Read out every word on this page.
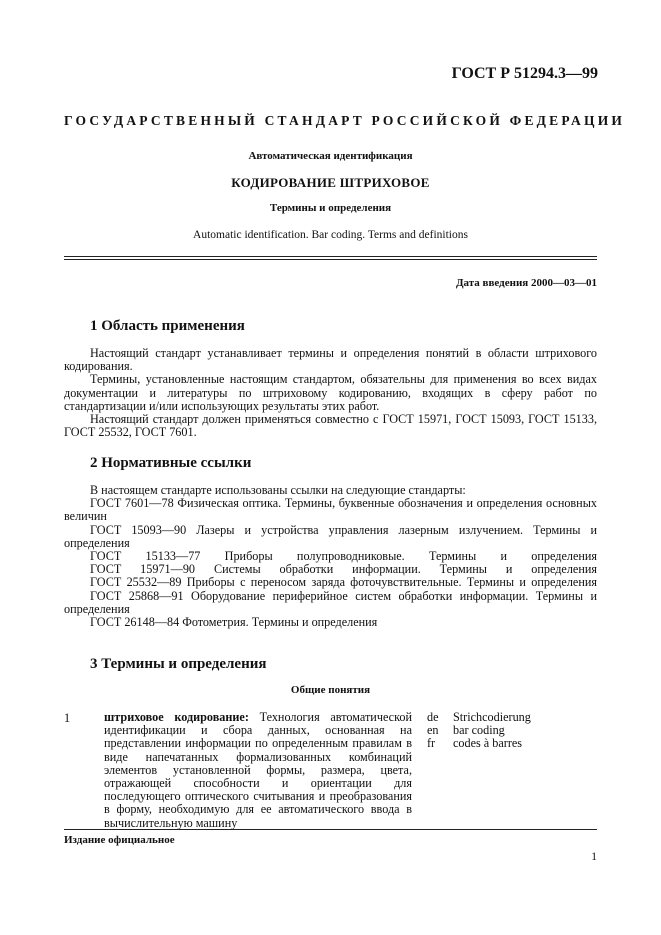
ГОСТ Р 51294.3—99
ГОСУДАРСТВЕННЫЙ СТАНДАРТ РОССИЙСКОЙ ФЕДЕРАЦИИ
Автоматическая идентификация
КОДИРОВАНИЕ ШТРИХОВОЕ
Термины и определения
Automatic identification. Bar coding. Terms and definitions
Дата введения 2000—03—01
1 Область применения

Настоящий стандарт устанавливает термины и определения понятий в области штрихового кодирования.

Термины, установленные настоящим стандартом, обязательны для применения во всех видах документации и литературы по штриховому кодированию, входящих в сферу работ по стандартизации и/или использующих результаты этих работ.

Настоящий стандарт должен применяться совместно с ГОСТ 15971, ГОСТ 15093, ГОСТ 15133, ГОСТ 25532, ГОСТ 7601.

2 Нормативные ссылки

В настоящем стандарте использованы ссылки на следующие стандарты:

ГОСТ 7601—78 Физическая оптика. Термины, буквенные обозначения и определения основных величин

ГОСТ 15093—90 Лазеры и устройства управления лазерным излучением. Термины и определения

ГОСТ 15133—77 Приборы полупроводниковые. Термины и определения

ГОСТ 15971—90 Системы обработки информации. Термины и определения

ГОСТ 25532—89 Приборы с переносом заряда фоточувствительные. Термины и определения

ГОСТ 25868—91 Оборудование периферийное систем обработки информации. Термины и определения

ГОСТ 26148—84 Фотометрия. Термины и определения

3 Термины и определения
Общие понятия
1	штриховое кодирование: Технология автоматической идентификации и сбора данных, основанная на представлении информации по определенным правилам в виде напечатанных формализованных комбинаций элементов установленной формы, размера, цвета, отражающей способности и ориентации для последующего оптического считывания и преобразования в форму, необходимую для ее автоматического ввода в вычислительную машину
de
en
fr
Strichcodierung
bar coding
codes à barres
Издание официальное
1
